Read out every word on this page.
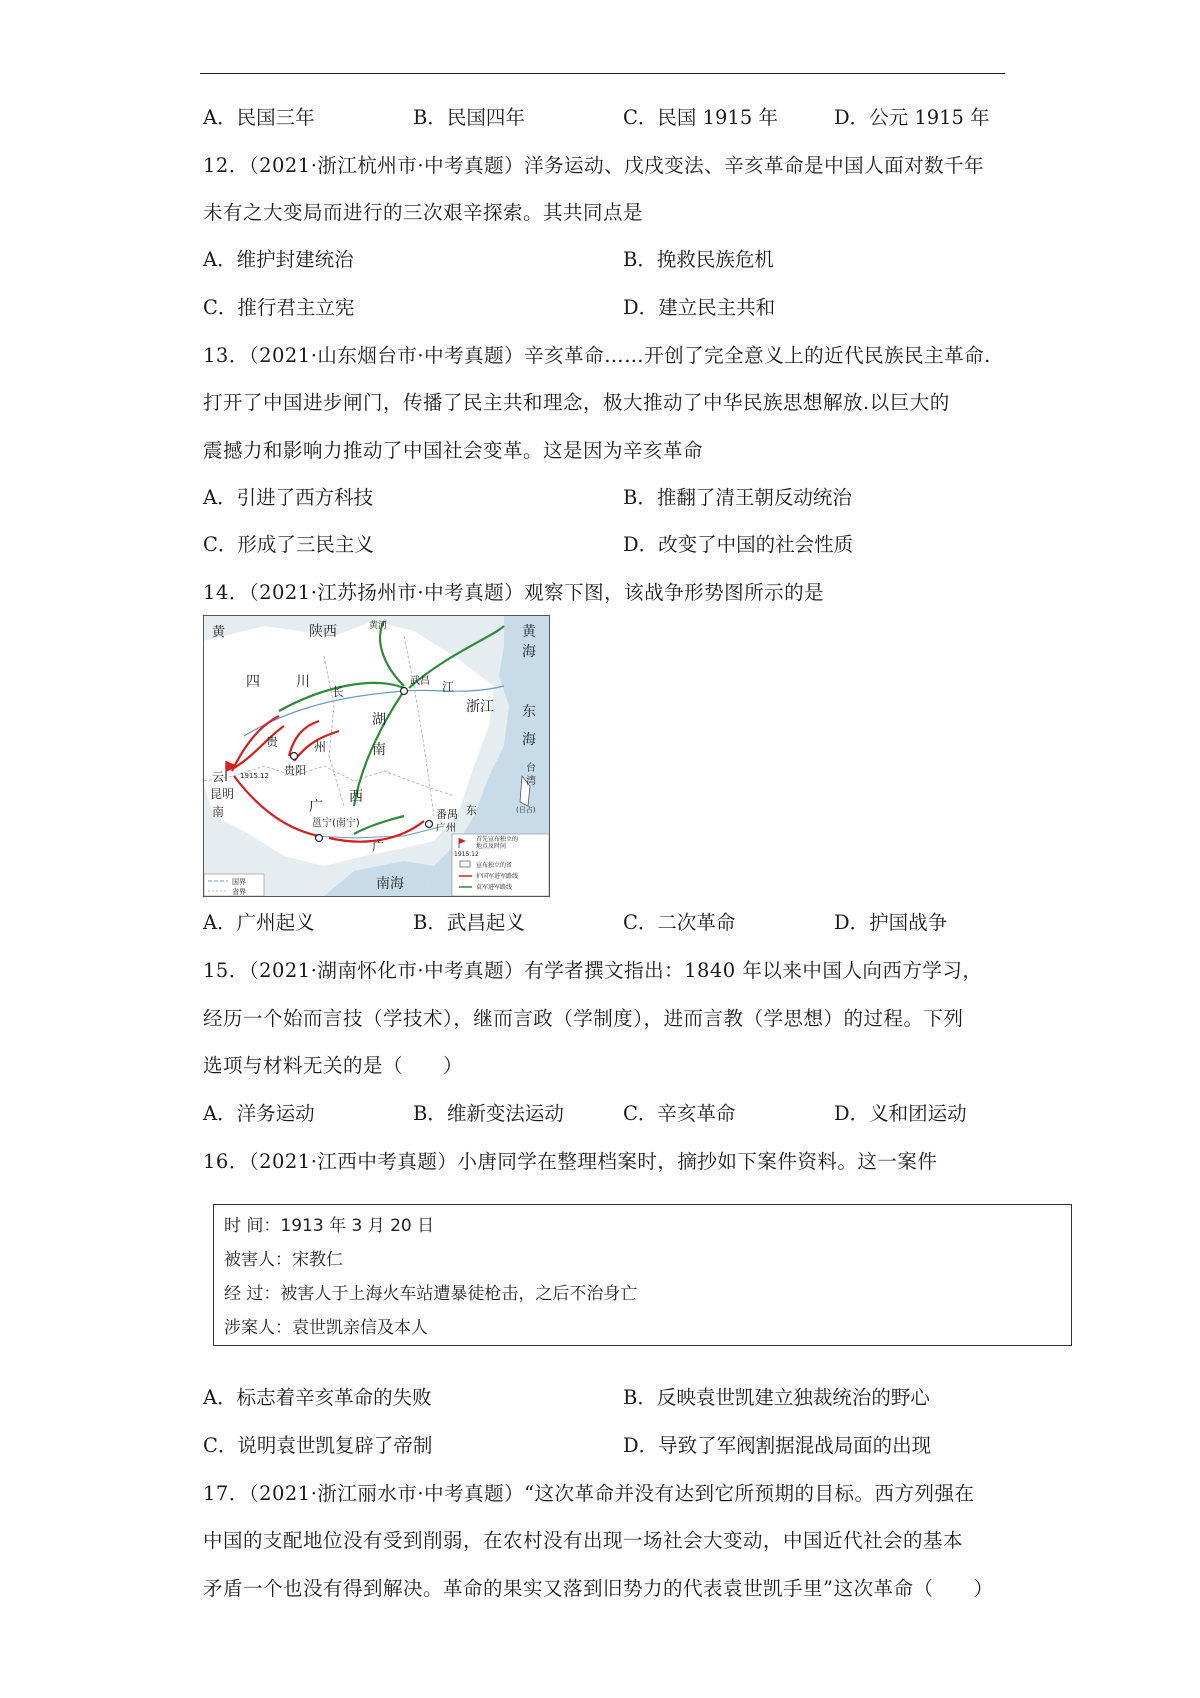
A．民国三年	B．民国四年	C．民国 1915 年	D．公元 1915 年
12．（2021·浙江杭州市·中考真题）洋务运动、戊戌变法、辛亥革命是中国人面对数千年
未有之大变局而进行的三次艰辛探索。其共同点是
A．维护封建统治	B．挽救民族危机
C．推行君主立宪	D．建立民主共和
13．（2021·山东烟台市·中考真题）辛亥革命……开创了完全意义上的近代民族民主革命.
打开了中国进步闸门，传播了民主共和理念，极大推动了中华民族思想解放.以巨大的
震撼力和影响力推动了中国社会变革。这是因为辛亥革命
A．引进了西方科技	B．推翻了清王朝反动统治
C．形成了三民主义	D．改变了中国的社会性质
14．（2021·江苏扬州市·中考真题）观察下图，该战争形势图所示的是
黄	陕西	黄河	黄
海
四	川
长	江
武昌
浙江 东
海
湖
南
贵	州
贵阳
云 1915.12
昆明
南	广
西
邕宁(南宁)
番禺 东
广州
广
南海
台
湾
(日占)
1915.12
首先宣布独立的
地点及时间
宣布独立的省
护国军进军路线
袁军进军路线
国界
省界
A．广州起义	B．武昌起义	C．二次革命	D．护国战争
15．（2021·湖南怀化市·中考真题）有学者撰文指出：1840 年以来中国人向西方学习，
经历一个始而言技（学技术），继而言政（学制度），进而言教（学思想）的过程。下列
选项与材料无关的是（　　）
A．洋务运动	B．维新变法运动	C．辛亥革命	D．义和团运动
16．（2021·江西中考真题）小唐同学在整理档案时，摘抄如下案件资料。这一案件
时 间：1913 年 3 月 20 日
被害人：宋教仁
经 过：被害人于上海火车站遭暴徒枪击，之后不治身亡
涉案人：袁世凯亲信及本人
A．标志着辛亥革命的失败	B．反映袁世凯建立独裁统治的野心
C．说明袁世凯复辟了帝制	D．导致了军阀割据混战局面的出现
17．（2021·浙江丽水市·中考真题）“这次革命并没有达到它所预期的目标。西方列强在
中国的支配地位没有受到削弱，在农村没有出现一场社会大变动，中国近代社会的基本
矛盾一个也没有得到解决。革命的果实又落到旧势力的代表袁世凯手里”这次革命（　　）
